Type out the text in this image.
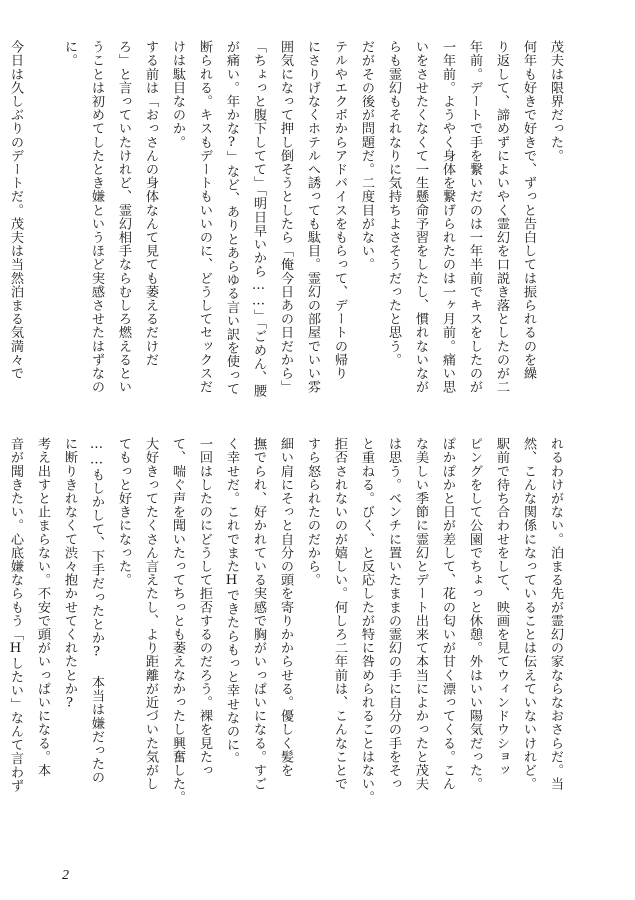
茂夫は限界だった。
何年も好きで好きで、ずっと告白しては振られるのを繰
り返して、諦めずによいやく霊幻を口説き落としたのが二
年前。デートで手を繋いだのは一年半前でキスをしたのが
一年前。ようやく身体を繋げられたのは一ヶ月前。痛い思
いをさせたくなくて一生懸命予習をしたし、慣れないなが
らも霊幻もそれなりに気持ちよさそうだったと思う。
だがその後が問題だ。二度目がない。
テルやエクボからアドバイスをもらって、デートの帰り
にさりげなくホテルへ誘っても駄目。霊幻の部屋でいい雰
囲気になって押し倒そうとしたら「俺今日あの日だから」
「ちょっと腹下してて」「明日早いから……」「ごめん、腰
が痛い。年かな?」など、ありとあらゆる言い訳を使って
断られる。キスもデートもいいのに、どうしてセックスだ
けは駄目なのか。
する前は「おっさんの身体なんて見ても萎えるだけだ
ろ」と言っていたけれど、霊幻相手ならむしろ燃えるとい
うことは初めてしたとき嫌というほど実感させたはずなの
に。

今日は久しぶりのデートだ。茂夫は当然泊まる気満々で
れるわけがない。泊まる先が霊幻の家ならなおさらだ。当
然、こんな関係になっていることは伝えていないけれど。
駅前で待ち合わせをして、映画を見てウィンドウショッ
ピングをして公園でちょっと休憩。外はいい陽気だった。
ぽかぽかと日が差して、花の匂いが甘く漂ってくる。こん
な美しい季節に霊幻とデート出来て本当によかったと茂夫
は思う。ベンチに置いたままの霊幻の手に自分の手をそっ
と重ねる。びく、と反応したが特に咎められることはない。
拒否されないのが嬉しい。何しろ二年前は、こんなことで
すら怒られたのだから。
細い肩にそっと自分の頭を寄りかからせる。優しく髪を
撫でられ、好かれている実感で胸がいっぱいになる。すご
く幸せだ。これでまたHできたらもっと幸せなのに。
一回はしたのにどうして拒否するのだろう。裸を見たっ
て、喘ぐ声を聞いたってちっとも萎えなかったし興奮した。
大好きってたくさん言えたし、より距離が近づいた気がし
てもっと好きになった。
……もしかして、下手だったとか? 本当は嫌だったの
に断りきれなくて渋々抱かせてくれたとか?
考え出すと止まらない。不安で頭がいっぱいになる。本
音が聞きたい。心底嫌ならもう「Hしたい」なんて言わず
2
